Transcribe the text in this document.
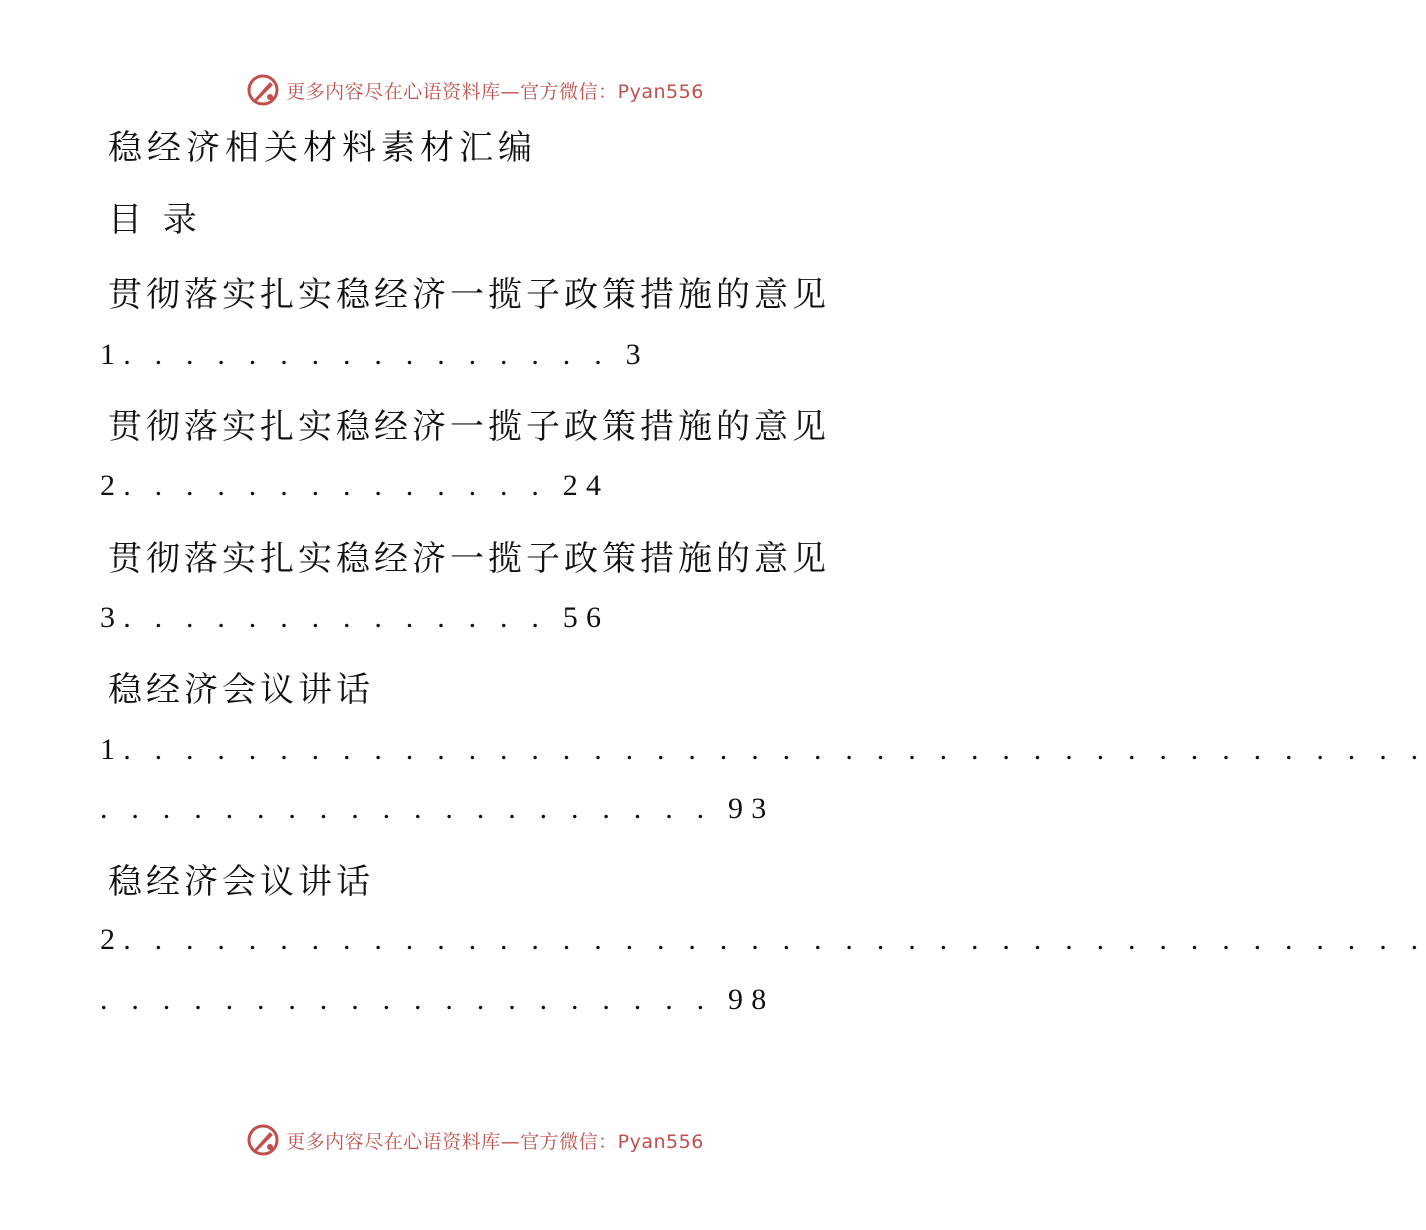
更多内容尽在心语资料库—官方微信：Pyan556
稳经济相关材料素材汇编
目 录
贯彻落实扎实稳经济一揽子政策措施的意见
1. . . . . . . . . . . . . . . . 3
贯彻落实扎实稳经济一揽子政策措施的意见
2. . . . . . . . . . . . . . 24
贯彻落实扎实稳经济一揽子政策措施的意见
3. . . . . . . . . . . . . . 56
稳经济会议讲话
1. . . . . . . . . . . . . . . . . . . . . . . . . . . . . . . . . . . . . . . . . .
. . . . . . . . . . . . . . . . . . . . 93
稳经济会议讲话
2. . . . . . . . . . . . . . . . . . . . . . . . . . . . . . . . . . . . . . . . . .
. . . . . . . . . . . . . . . . . . . . 98
更多内容尽在心语资料库—官方微信：Pyan556
